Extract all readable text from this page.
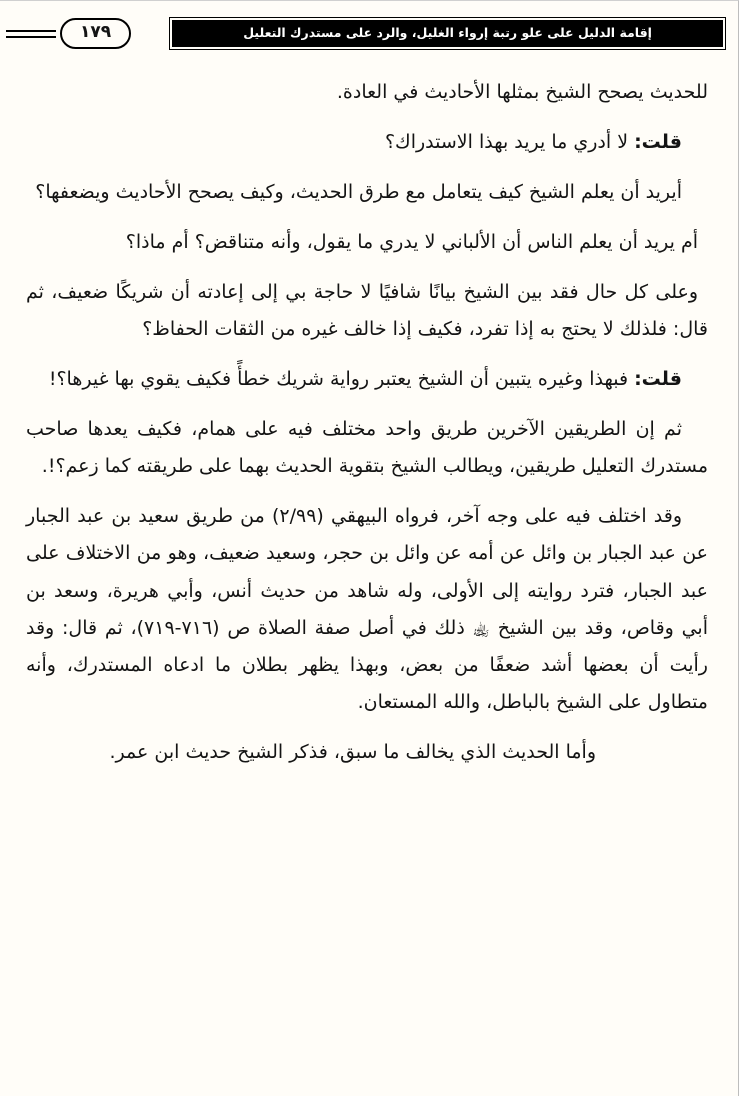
١٧٩	إقامة الدليل على علو رتبة إرواء الغليل، والرد على مستدرك التعليل

للحديث يصحح الشيخ بمثلها الأحاديث في العادة.

قلت: لا أدري ما يريد بهذا الاستدراك؟

أيريد أن يعلم الشيخ كيف يتعامل مع طرق الحديث، وكيف يصحح الأحاديث ويضعفها؟

أم يريد أن يعلم الناس أن الألباني لا يدري ما يقول، وأنه متناقض؟ أم ماذا؟

وعلى كل حال فقد بين الشيخ بيانًا شافيًا لا حاجة بي إلى إعادته أن شريكًا ضعيف، ثم قال: فلذلك لا يحتج به إذا تفرد، فكيف إذا خالف غيره من الثقات الحفاظ؟

قلت: فبهذا وغيره يتبين أن الشيخ يعتبر رواية شريك خطأً فكيف يقوي بها غيرها؟!

ثم إن الطريقين الآخرين طريق واحد مختلف فيه على همام، فكيف يعدها صاحب مستدرك التعليل طريقين، ويطالب الشيخ بتقوية الحديث بهما على طريقته كما زعم؟!.

وقد اختلف فيه على وجه آخر، فرواه البيهقي (٢/٩٩) من طريق سعيد بن عبد الجبار عن عبد الجبار بن وائل عن أمه عن وائل بن حجر، وسعيد ضعيف، وهو من الاختلاف على عبد الجبار، فترد روايته إلى الأولى، وله شاهد من حديث أنس، وأبي هريرة، وسعد بن أبي وقاص، وقد بين الشيخ ﵀ ذلك في أصل صفة الصلاة ص (٧١٦-٧١٩)، ثم قال: وقد رأيت أن بعضها أشد ضعفًا من بعض، وبهذا يظهر بطلان ما ادعاه المستدرك، وأنه متطاول على الشيخ بالباطل، والله المستعان.

وأما الحديث الذي يخالف ما سبق، فذكر الشيخ حديث ابن عمر.
